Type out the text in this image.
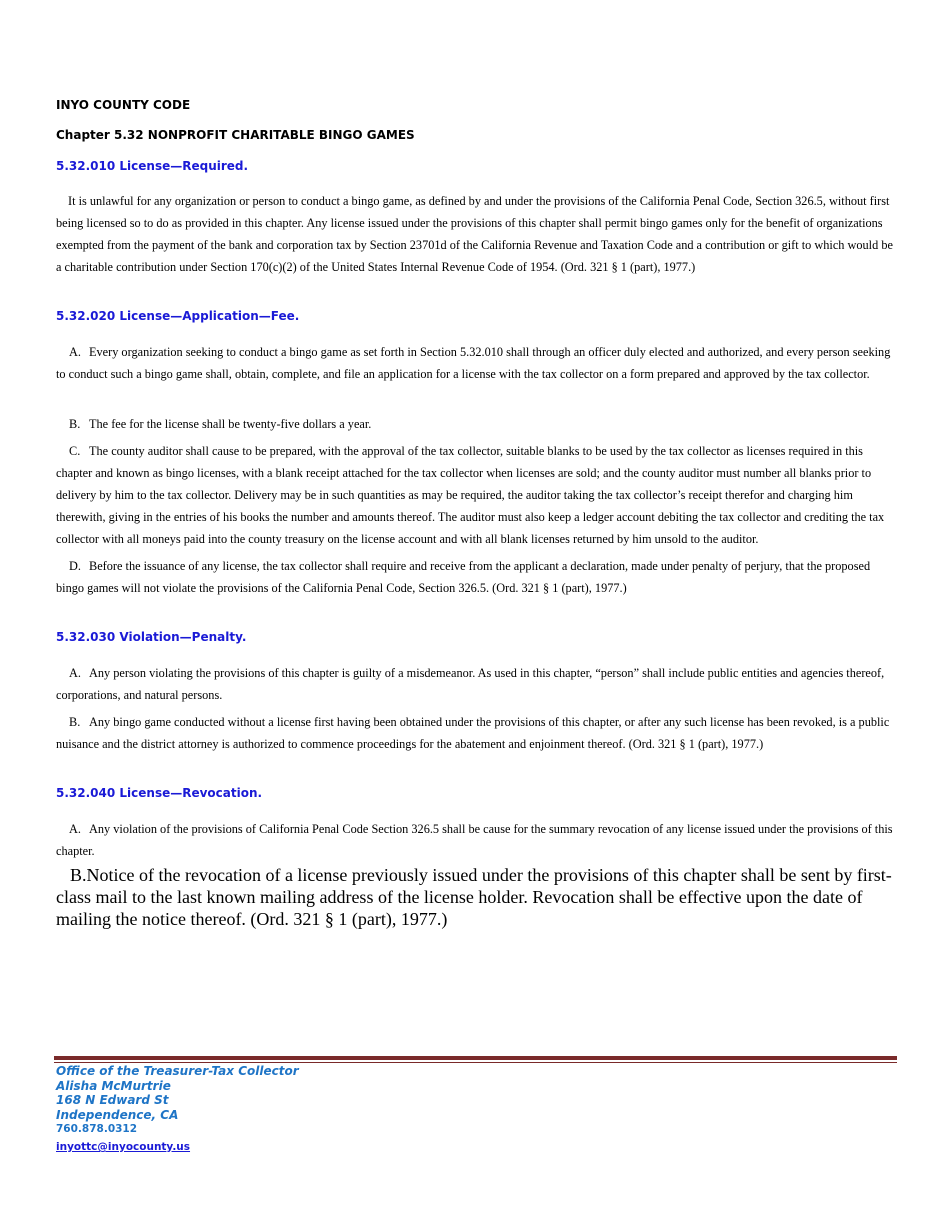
INYO COUNTY CODE

Chapter 5.32 NONPROFIT CHARITABLE BINGO GAMES

5.32.010 License—Required.

It is unlawful for any organization or person to conduct a bingo game, as defined by and under the provisions of the California Penal Code, Section 326.5, without first being licensed so to do as provided in this chapter. Any license issued under the provisions of this chapter shall permit bingo games only for the benefit of organizations exempted from the payment of the bank and corporation tax by Section 23701d of the California Revenue and Taxation Code and a contribution or gift to which would be a charitable contribution under Section 170(c)(2) of the United States Internal Revenue Code of 1954. (Ord. 321 § 1 (part), 1977.)

5.32.020 License—Application—Fee.

A. Every organization seeking to conduct a bingo game as set forth in Section 5.32.010 shall through an officer duly elected and authorized, and every person seeking to conduct such a bingo game shall, obtain, complete, and file an application for a license with the tax collector on a form prepared and approved by the tax collector.

B. The fee for the license shall be twenty-five dollars a year.

C. The county auditor shall cause to be prepared, with the approval of the tax collector, suitable blanks to be used by the tax collector as licenses required in this chapter and known as bingo licenses, with a blank receipt attached for the tax collector when licenses are sold; and the county auditor must number all blanks prior to delivery by him to the tax collector. Delivery may be in such quantities as may be required, the auditor taking the tax collector’s receipt therefor and charging him therewith, giving in the entries of his books the number and amounts thereof. The auditor must also keep a ledger account debiting the tax collector and crediting the tax collector with all moneys paid into the county treasury on the license account and with all blank licenses returned by him unsold to the auditor.

D. Before the issuance of any license, the tax collector shall require and receive from the applicant a declaration, made under penalty of perjury, that the proposed bingo games will not violate the provisions of the California Penal Code, Section 326.5. (Ord. 321 § 1 (part), 1977.)

5.32.030 Violation—Penalty.

A. Any person violating the provisions of this chapter is guilty of a misdemeanor. As used in this chapter, “person” shall include public entities and agencies thereof, corporations, and natural persons.

B. Any bingo game conducted without a license first having been obtained under the provisions of this chapter, or after any such license has been revoked, is a public nuisance and the district attorney is authorized to commence proceedings for the abatement and enjoinment thereof. (Ord. 321 § 1 (part), 1977.)

5.32.040 License—Revocation.

A. Any violation of the provisions of California Penal Code Section 326.5 shall be cause for the summary revocation of any license issued under the provisions of this chapter.

B.Notice of the revocation of a license previously issued under the provisions of this chapter shall be sent by first-class mail to the last known mailing address of the license holder. Revocation shall be effective upon the date of mailing the notice thereof. (Ord. 321 § 1 (part), 1977.)

Office of the Treasurer-Tax Collector
Alisha McMurtrie
168 N Edward St
Independence, CA
760.878.0312
inyottc@inyocounty.us
